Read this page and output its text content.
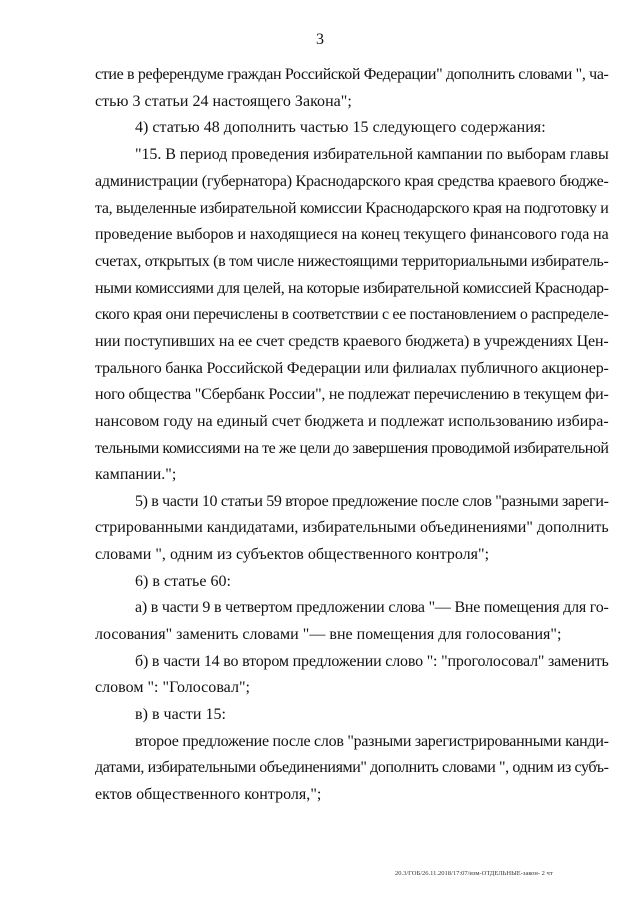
3
стие в референдуме граждан Российской Федерации" дополнить словами ", ча-
стью 3 статьи 24 настоящего Закона";
4) статью 48 дополнить частью 15 следующего содержания:
"15. В период проведения избирательной кампании по выборам главы
администрации (губернатора) Краснодарского края средства краевого бюдже-
та, выделенные избирательной комиссии Краснодарского края на подготовку и
проведение выборов и находящиеся на конец текущего финансового года на
счетах, открытых (в том числе нижестоящими территориальными избиратель-
ными комиссиями для целей, на которые избирательной комиссией Краснодар-
ского края они перечислены в соответствии с ее постановлением о распределе-
нии поступивших на ее счет средств краевого бюджета) в учреждениях Цен-
трального банка Российской Федерации или филиалах публичного акционер-
ного общества "Сбербанк России", не подлежат перечислению в текущем фи-
нансовом году на единый счет бюджета и подлежат использованию избира-
тельными комиссиями на те же цели до завершения проводимой избирательной
кампании.";
5) в части 10 статьи 59 второе предложение после слов "разными зареги-
стрированными кандидатами, избирательными объединениями" дополнить
словами ", одним из субъектов общественного контроля";
6) в статье 60:
а) в части 9 в четвертом предложении слова "— Вне помещения для го-
лосования" заменить словами "— вне помещения для голосования";
б) в части 14 во втором предложении слово ": "проголосовал" заменить
словом ": "Голосовал";
в) в части 15:
второе предложение после слов "разными зарегистрированными канди-
датами, избирательными объединениями" дополнить словами ", одним из субъ-
ектов общественного контроля,";
20.3/ГОБ/26.11.2018/17:07/изм-ОТДЕЛЬНЫЕ-закон- 2 чт
